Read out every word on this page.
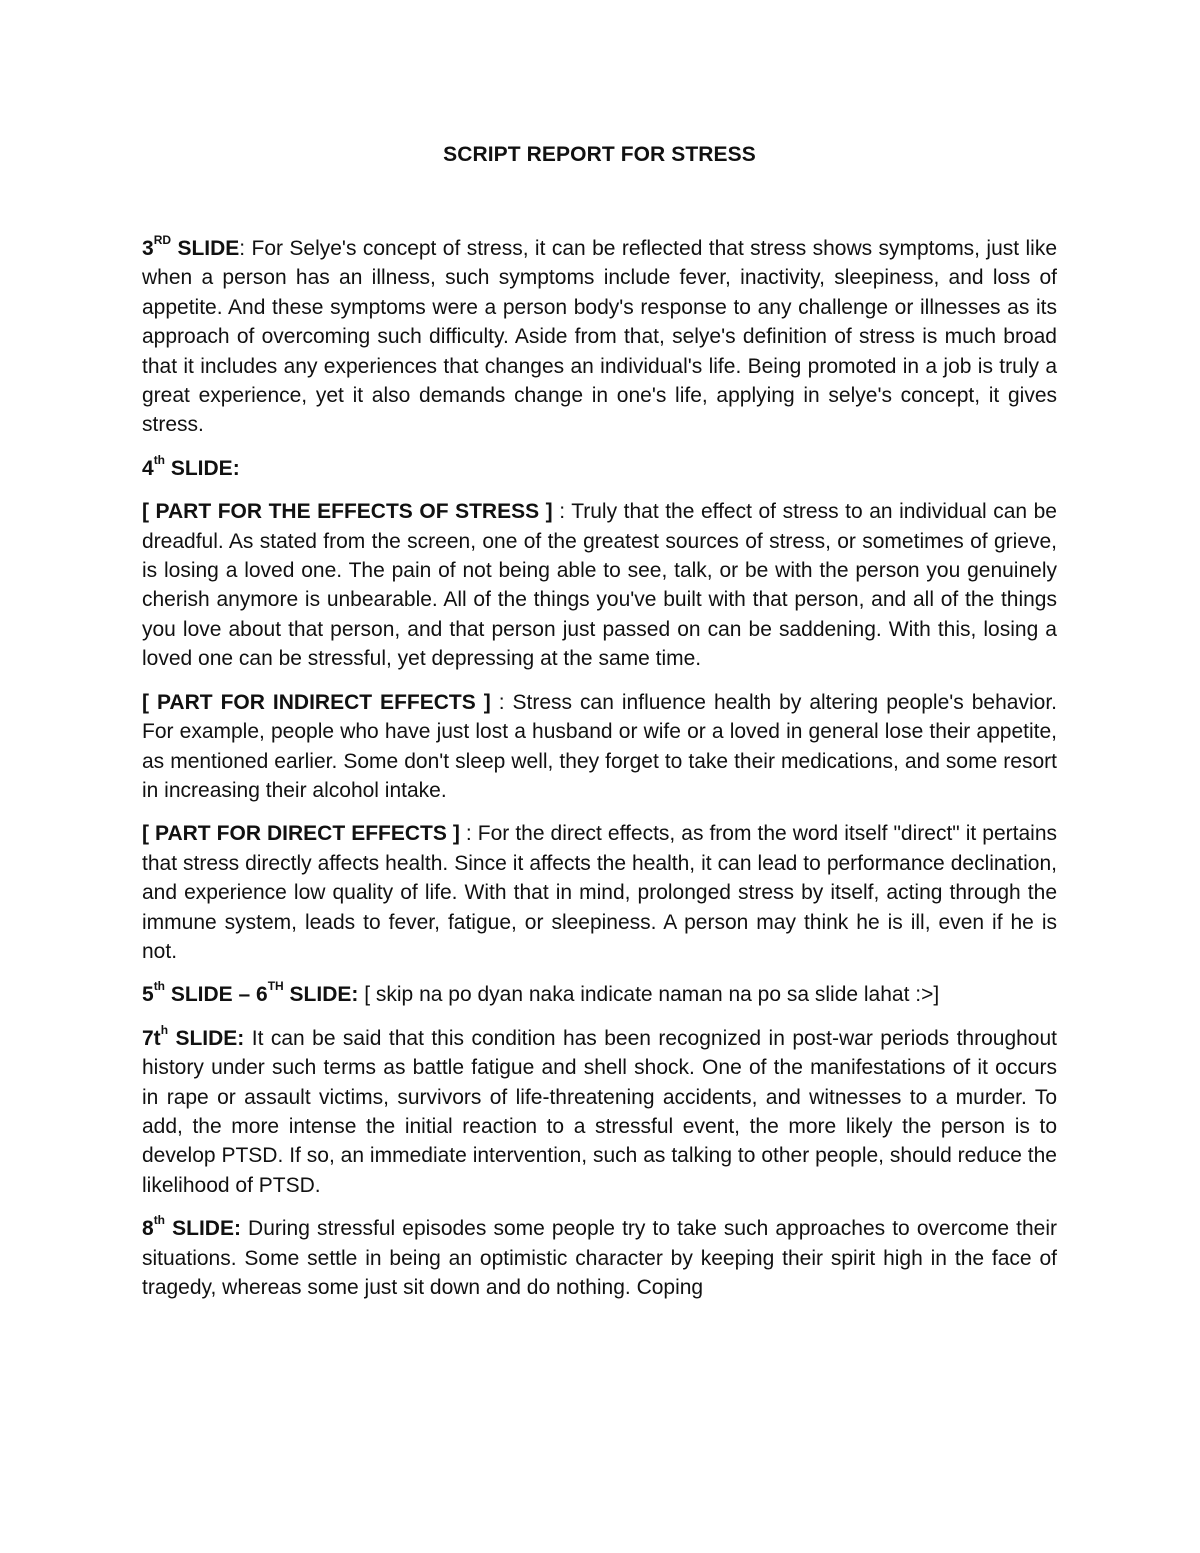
SCRIPT REPORT FOR STRESS

3RD SLIDE: For Selye's concept of stress, it can be reflected that stress shows symptoms, just like when a person has an illness, such symptoms include fever, inactivity, sleepiness, and loss of appetite. And these symptoms were a person body's response to any challenge or illnesses as its approach of overcoming such difficulty. Aside from that, selye's definition of stress is much broad that it includes any experiences that changes an individual's life. Being promoted in a job is truly a great experience, yet it also demands change in one's life, applying in selye's concept, it gives stress.

4th SLIDE:

[ PART FOR THE EFFECTS OF STRESS ] : Truly that the effect of stress to an individual can be dreadful. As stated from the screen, one of the greatest sources of stress, or sometimes of grieve, is losing a loved one. The pain of not being able to see, talk, or be with the person you genuinely cherish anymore is unbearable. All of the things you've built with that person, and all of the things you love about that person, and that person just passed on can be saddening. With this, losing a loved one can be stressful, yet depressing at the same time.

[ PART FOR INDIRECT EFFECTS ] : Stress can influence health by altering people's behavior. For example, people who have just lost a husband or wife or a loved in general lose their appetite, as mentioned earlier. Some don't sleep well, they forget to take their medications, and some resort in increasing their alcohol intake.

[ PART FOR DIRECT EFFECTS ] : For the direct effects, as from the word itself "direct" it pertains that stress directly affects health. Since it affects the health, it can lead to performance declination, and experience low quality of life. With that in mind, prolonged stress by itself, acting through the immune system, leads to fever, fatigue, or sleepiness. A person may think he is ill, even if he is not.

5th SLIDE – 6TH SLIDE: [ skip na po dyan naka indicate naman na po sa slide lahat :>]

$7t^h$ SLIDE: It can be said that this condition has been recognized in post-war periods throughout history under such terms as battle fatigue and shell shock. One of the manifestations of it occurs in rape or assault victims, survivors of life-threatening accidents, and witnesses to a murder. To add, the more intense the initial reaction to a stressful event, the more likely the person is to develop PTSD. If so, an immediate intervention, such as talking to other people, should reduce the likelihood of PTSD.

8th SLIDE: During stressful episodes some people try to take such approaches to overcome their situations. Some settle in being an optimistic character by keeping their spirit high in the face of tragedy, whereas some just sit down and do nothing. Coping
